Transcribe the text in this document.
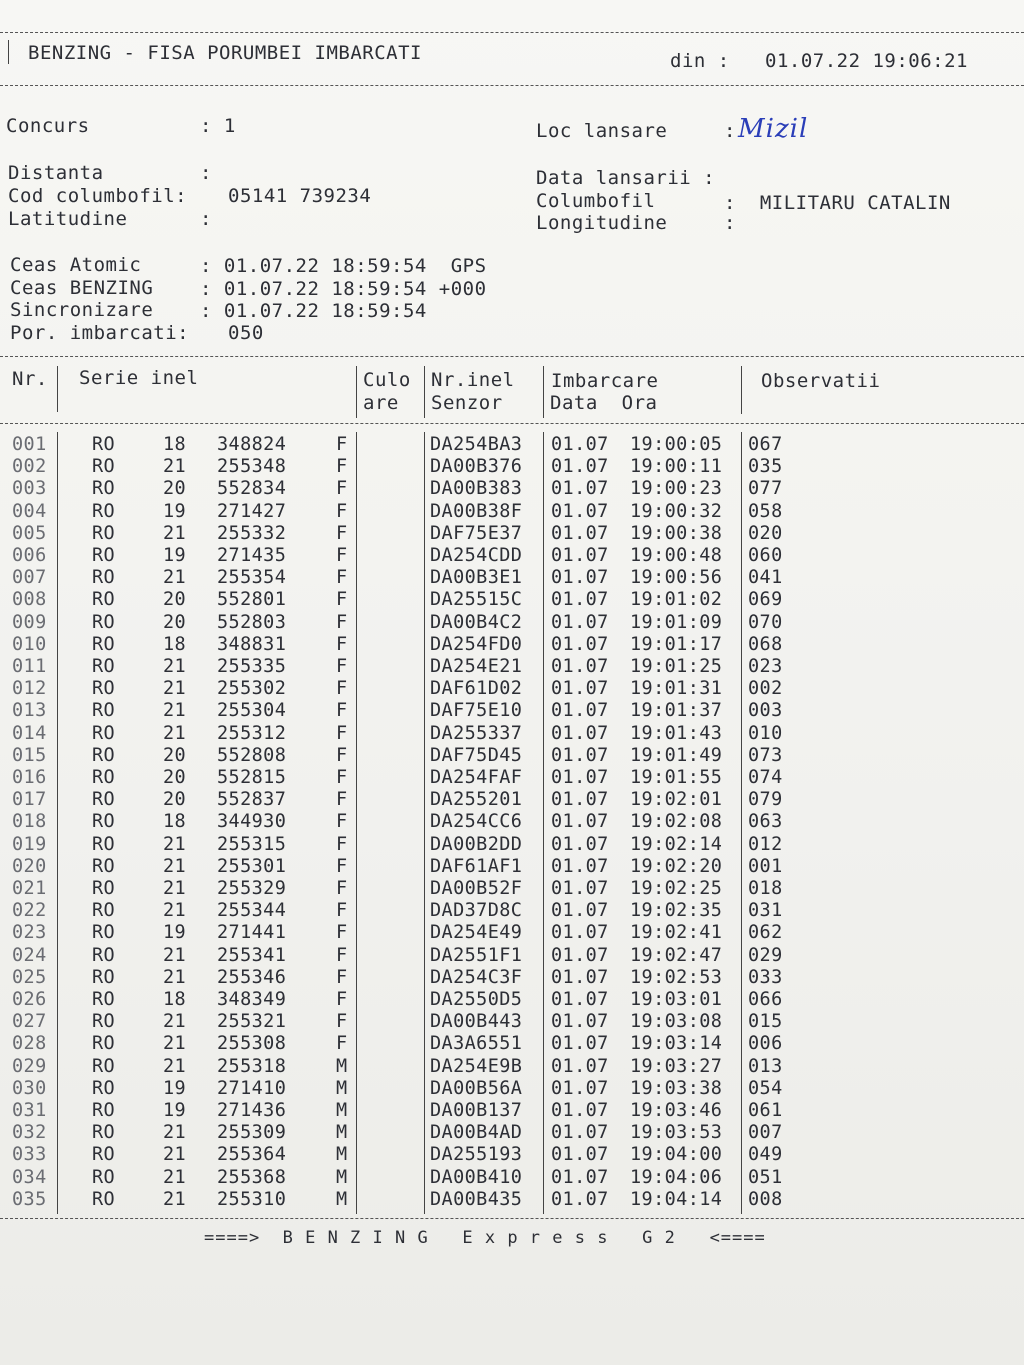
BENZING - FISA PORUMBEI IMBARCATI	din : 01.07.22 19:06:21
Concurs	: 1	Loc lansare	: Mi𝑧il
Distanta	:
Cod columbofil: 05141 739234
Latitudine	:
Data lansarii :
Columbofil	:  MILITARU CATALIN
Longitudine	:
Ceas Atomic	: 01.07.22 18:59:54  GPS
Ceas BENZING : 01.07.22 18:59:54 +000
Sincronizare : 01.07.22 18:59:54
Por. imbarcati: 050
Nr. Serie inel	Culo
are
Nr.inel
Senzor
Imbarcare
Data  Ora
Observatii
001 RO	18 348824	F	DA254BA3 01.07 19:00:05 067
002 RO	21 255348	F	DA00B376 01.07 19:00:11 035
003 RO	20 552834	F	DA00B383 01.07 19:00:23 077
004 RO	19 271427	F	DA00B38F 01.07 19:00:32 058
005 RO	21 255332	F	DAF75E37 01.07 19:00:38 020
006 RO	19 271435	F	DA254CDD 01.07 19:00:48 060
007 RO	21 255354	F	DA00B3E1 01.07 19:00:56 041
008 RO	20 552801	F	DA25515C 01.07 19:01:02 069
009 RO	20 552803	F	DA00B4C2 01.07 19:01:09 070
010 RO	18 348831	F	DA254FD0 01.07 19:01:17 068
011 RO	21 255335	F	DA254E21 01.07 19:01:25 023
012 RO	21 255302	F	DAF61D02 01.07 19:01:31 002
013 RO	21 255304	F	DAF75E10 01.07 19:01:37 003
014 RO	21 255312	F	DA255337 01.07 19:01:43 010
015 RO	20 552808	F	DAF75D45 01.07 19:01:49 073
016 RO	20 552815	F	DA254FAF 01.07 19:01:55 074
017 RO	20 552837	F	DA255201 01.07 19:02:01 079
018 RO	18 344930	F	DA254CC6 01.07 19:02:08 063
019 RO	21 255315	F	DA00B2DD 01.07 19:02:14 012
020 RO	21 255301	F	DAF61AF1 01.07 19:02:20 001
021 RO	21 255329	F	DA00B52F 01.07 19:02:25 018
022 RO	21 255344	F	DAD37D8C 01.07 19:02:35 031
023 RO	19 271441	F	DA254E49 01.07 19:02:41 062
024 RO	21 255341	F	DA2551F1 01.07 19:02:47 029
025 RO	21 255346	F	DA254C3F 01.07 19:02:53 033
026 RO	18 348349	F	DA2550D5 01.07 19:03:01 066
027 RO	21 255321	F	DA00B443 01.07 19:03:08 015
028 RO	21 255308	F	DA3A6551 01.07 19:03:14 006
029 RO	21 255318	M	DA254E9B 01.07 19:03:27 013
030 RO	19 271410	M	DA00B56A 01.07 19:03:38 054
031 RO	19 271436	M	DA00B137 01.07 19:03:46 061
032 RO	21 255309	M	DA00B4AD 01.07 19:03:53 007
033 RO	21 255364	M	DA255193 01.07 19:04:00 049
034 RO	21 255368	M	DA00B410 01.07 19:04:06 051
035 RO	21 255310	M	DA00B435 01.07 19:04:14 008
====>  B E N Z I N G   E x p r e s s   G 2   <====
